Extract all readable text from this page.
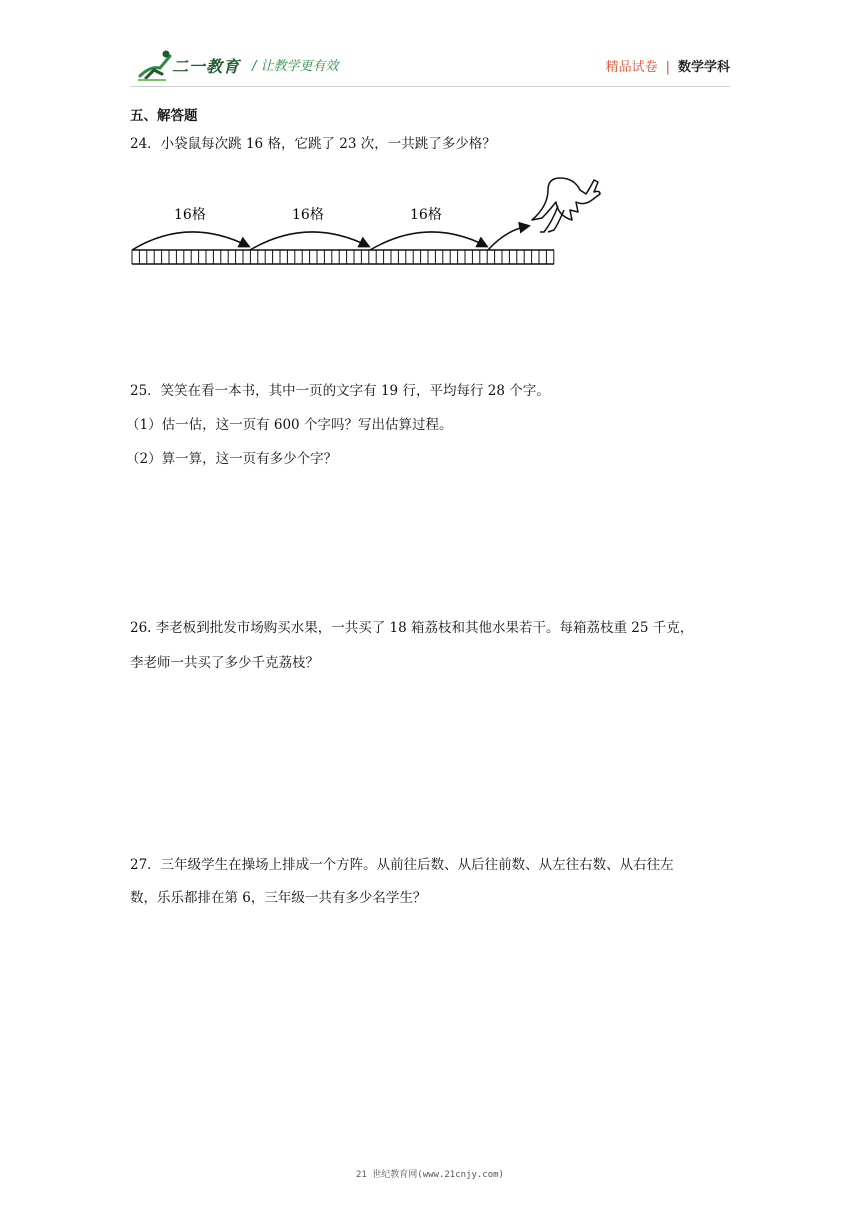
二一教育 / 让教学更有效	精品试卷 | 数学学科
五、解答题
24．小袋鼠每次跳 16 格，它跳了 23 次，一共跳了多少格？
16格	16格	16格
25．笑笑在看一本书，其中一页的文字有 19 行，平均每行 28 个字。
（1）估一估，这一页有 600 个字吗？写出估算过程。
（2）算一算，这一页有多少个字？
26. 李老板到批发市场购买水果，一共买了 18 箱荔枝和其他水果若干。每箱荔枝重 25 千克，
李老师一共买了多少千克荔枝？
27．三年级学生在操场上排成一个方阵。从前往后数、从后往前数、从左往右数、从右往左
数，乐乐都排在第 6，三年级一共有多少名学生？
21 世纪教育网(www.21cnjy.com)
